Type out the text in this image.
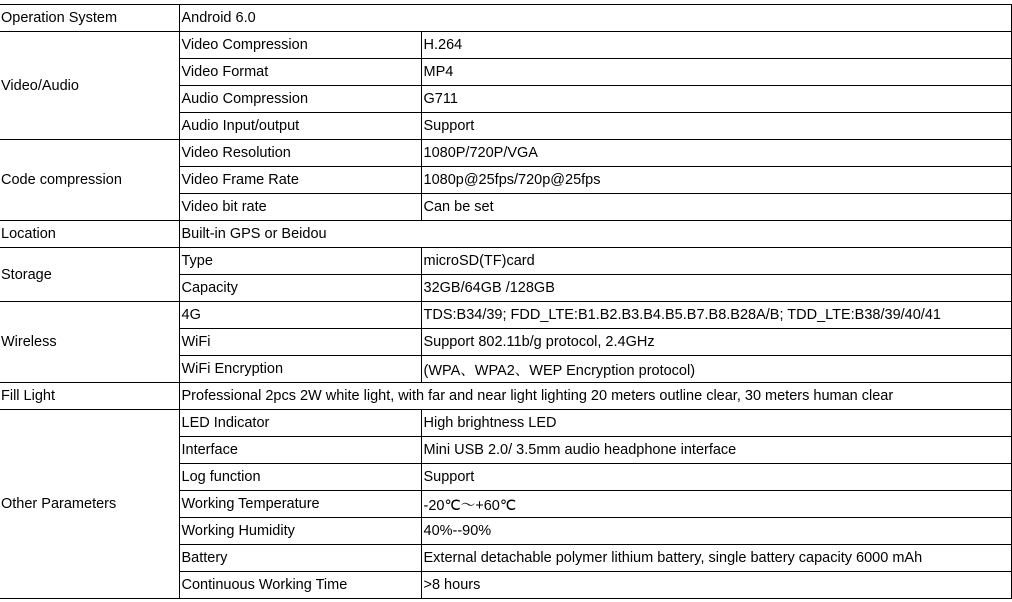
Operation System	Android 6.0	
Video/Audio	Video Compression	H.264
	Video Format	MP4
	Audio Compression	G711
	Audio Input/output	Support
Code compression	Video Resolution	1080P/720P/VGA
	Video Frame Rate	1080p@25fps/720p@25fps
	Video bit rate	Can be set
Location	Built-in GPS or Beidou	
Storage	Type	microSD(TF)card
	Capacity	32GB/64GB /128GB
Wireless	4G	TDS:B34/39; FDD_LTE:B1.B2.B3.B4.B5.B7.B8.B28A/B; TDD_LTE:B38/39/40/41
	WiFi	Support 802.11b/g protocol, 2.4GHz
	WiFi Encryption	(WPA、WPA2、WEP Encryption protocol)
Fill Light	Professional 2pcs 2W white light, with far and near light lighting 20 meters outline clear, 30 meters human clear	
Other Parameters	LED Indicator	High brightness LED
	Interface	Mini USB 2.0/ 3.5mm audio headphone interface
	Log function	Support
	Working Temperature	-20℃～+60℃
	Working Humidity	40%--90%
	Battery	External detachable polymer lithium battery, single battery capacity 6000 mAh
	Continuous Working Time	>8 hours
